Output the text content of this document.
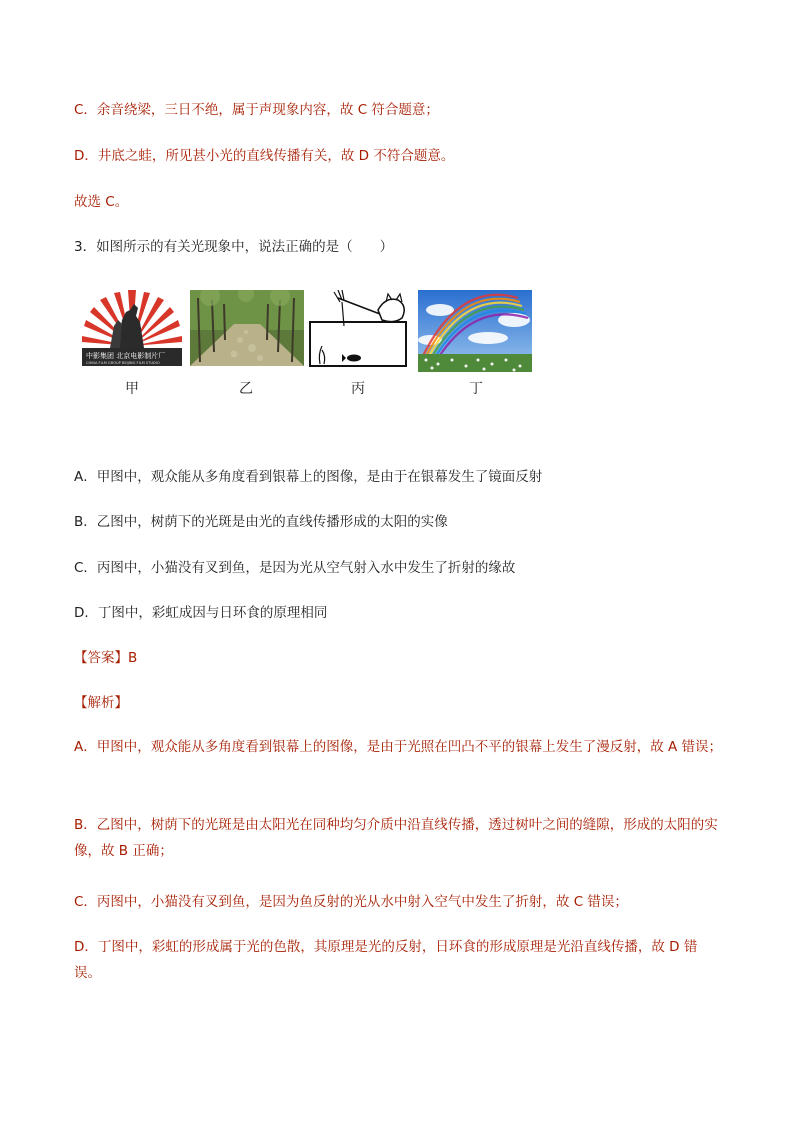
C．余音绕梁，三日不绝，属于声现象内容，故 C 符合题意；

D．井底之蛙，所见甚小光的直线传播有关，故 D 不符合题意。

故选 C。

3．如图所示的有关光现象中，说法正确的是（　　）

中影集团 北京电影制片厂
CHINA FILM GROUP BEIJING FILM STUDIO
甲	乙	丙	丁

A．甲图中，观众能从多角度看到银幕上的图像，是由于在银幕发生了镜面反射

B．乙图中，树荫下的光斑是由光的直线传播形成的太阳的实像

C．丙图中，小猫没有叉到鱼，是因为光从空气射入水中发生了折射的缘故

D．丁图中，彩虹成因与日环食的原理相同

【答案】B

【解析】

A．甲图中，观众能从多角度看到银幕上的图像，是由于光照在凹凸不平的银幕上发生了漫反射，故 A 错误；

B．乙图中，树荫下的光斑是由太阳光在同种均匀介质中沿直线传播，透过树叶之间的缝隙，形成的太阳的实像，故 B 正确；

C．丙图中，小猫没有叉到鱼，是因为鱼反射的光从水中射入空气中发生了折射，故 C 错误；

D．丁图中，彩虹的形成属于光的色散，其原理是光的反射，日环食的形成原理是光沿直线传播，故 D 错误。
